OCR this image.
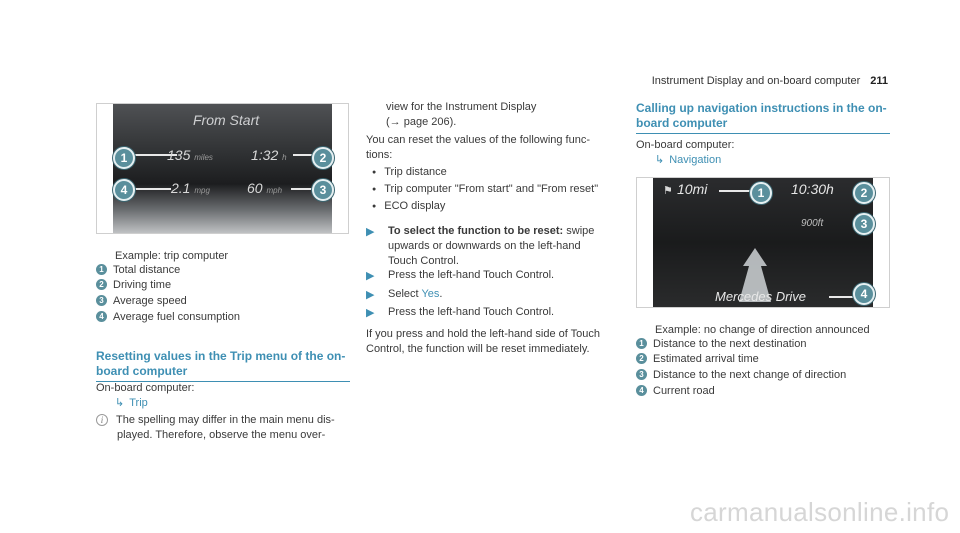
Instrument Display and on-board computer 211
From Start
135 miles	1:32 h
2.1 mpg	60 mph
1	2
3
4
Example: trip computer
1 Total distance
2 Driving time
3 Average speed
4 Average fuel consumption
Resetting values in the Trip menu of the on-
board computer
On-board computer:
↳ Trip
i The spelling may differ in the main menu dis-
played. Therefore, observe the menu over-
view for the Instrument Display
(→ page 206).
You can reset the values of the following func-
tions:
● Trip distance
● Trip computer "From start" and "From reset"
● ECO display
▶ To select the function to be reset: swipe
upwards or downwards on the left-hand
Touch Control.
▶ Press the left-hand Touch Control.
▶ Select Yes.
▶ Press the left-hand Touch Control.
If you press and hold the left-hand side of Touch
Control, the function will be reset immediately.
Calling up navigation instructions in the on-
board computer
On-board computer:
↳ Navigation
⚑ 10mi	10:30h
900ft
Mercedes Drive
1	2
3
4
Example: no change of direction announced
1 Distance to the next destination
2 Estimated arrival time
3 Distance to the next change of direction
4 Current road
carmanualsonline.info
